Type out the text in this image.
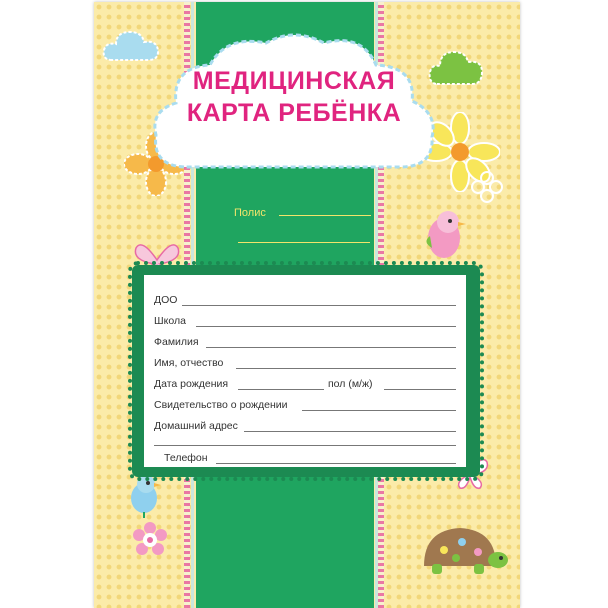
МЕДИЦИНСКАЯ
КАРТА РЕБЁНКА
Полис
ДОО
Школа
Фамилия
Имя, отчество
Дата рождения	пол (м/ж)
Свидетельство о рождении
Домашний адрес
Телефон
